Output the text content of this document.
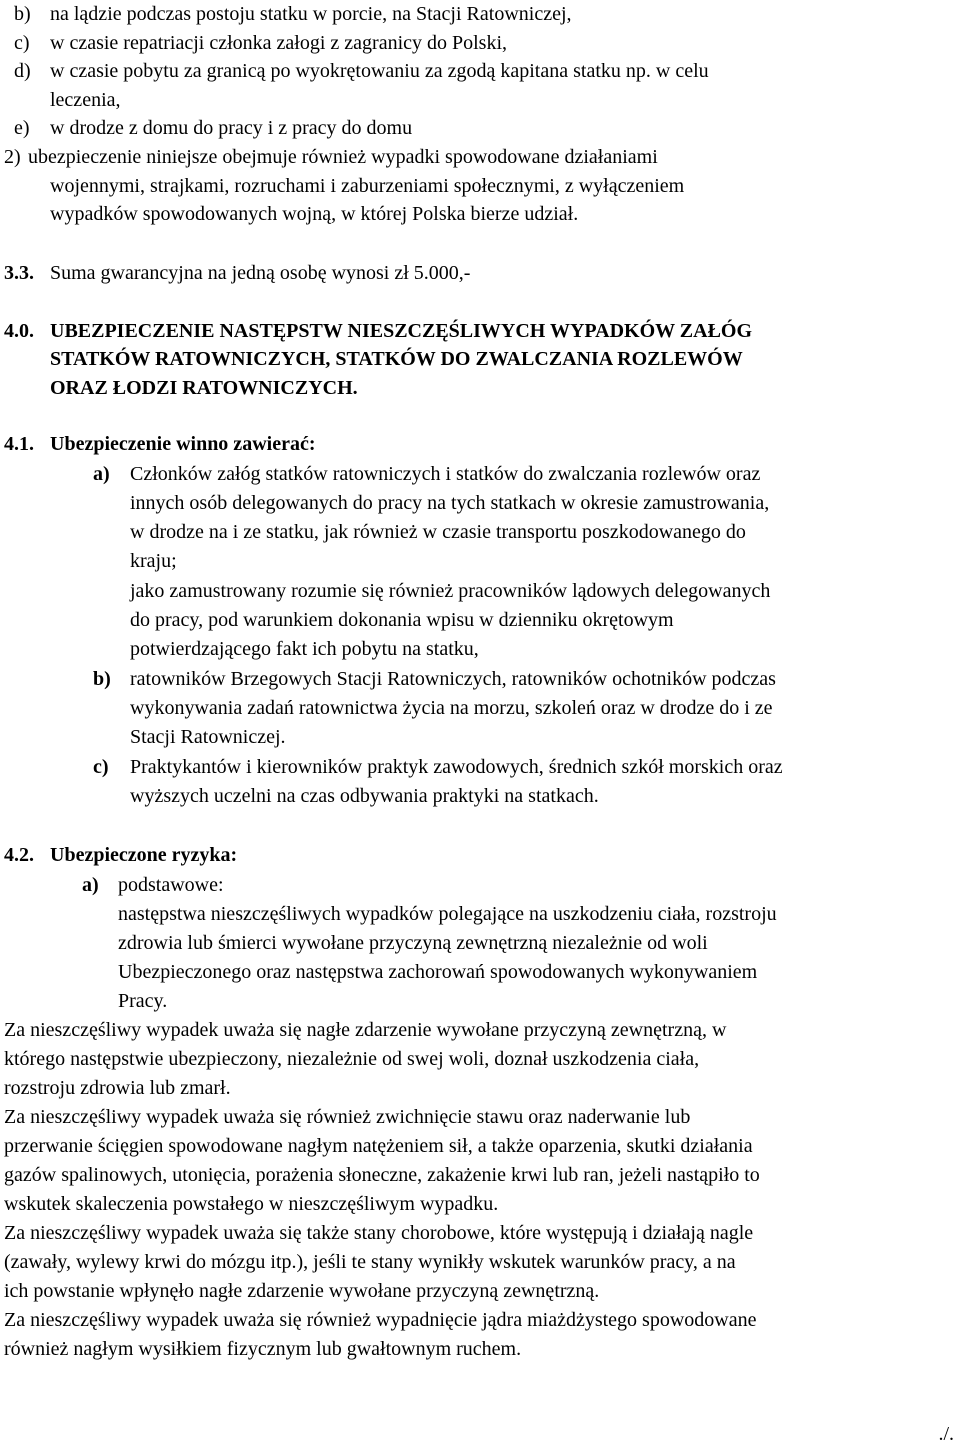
b) na lądzie podczas postoju statku w porcie, na Stacji Ratowniczej,
c) w czasie repatriacji członka załogi z zagranicy do Polski,
d) w czasie pobytu za granicą po wyokrętowaniu za zgodą kapitana statku np. w celu
leczenia,
e) w drodze z domu do pracy i z pracy do domu
2) ubezpieczenie niniejsze obejmuje również wypadki spowodowane działaniami
wojennymi, strajkami, rozruchami i zaburzeniami społecznymi, z wyłączeniem
wypadków spowodowanych wojną, w której Polska bierze udział.
3.3. Suma gwarancyjna na jedną osobę wynosi zł 5.000,-
4.0. UBEZPIECZENIE NASTĘPSTW NIESZCZĘŚLIWYCH WYPADKÓW ZAŁÓG
STATKÓW RATOWNICZYCH, STATKÓW DO ZWALCZANIA ROZLEWÓW
ORAZ ŁODZI RATOWNICZYCH.
4.1. Ubezpieczenie winno zawierać:
a) Członków załóg statków ratowniczych i statków do zwalczania rozlewów oraz
innych osób delegowanych do pracy na tych statkach w okresie zamustrowania,
w drodze na i ze statku, jak również w czasie transportu poszkodowanego do
kraju;
jako zamustrowany rozumie się również pracowników lądowych delegowanych
do pracy, pod warunkiem dokonania wpisu w dzienniku okrętowym
potwierdzającego fakt ich pobytu na statku,
b) ratowników Brzegowych Stacji Ratowniczych, ratowników ochotników podczas
wykonywania zadań ratownictwa życia na morzu, szkoleń oraz w drodze do i ze
Stacji Ratowniczej.
c) Praktykantów i kierowników praktyk zawodowych, średnich szkół morskich oraz
wyższych uczelni na czas odbywania praktyki na statkach.
4.2. Ubezpieczone ryzyka:
a) podstawowe:
następstwa nieszczęśliwych wypadków polegające na uszkodzeniu ciała, rozstroju
zdrowia lub śmierci wywołane przyczyną zewnętrzną niezależnie od woli
Ubezpieczonego oraz następstwa zachorowań spowodowanych wykonywaniem
Pracy.
Za nieszczęśliwy wypadek uważa się nagłe zdarzenie wywołane przyczyną zewnętrzną, w
którego następstwie ubezpieczony, niezależnie od swej woli, doznał uszkodzenia ciała,
rozstroju zdrowia lub zmarł.
Za nieszczęśliwy wypadek uważa się również zwichnięcie stawu oraz naderwanie lub
przerwanie ścięgien spowodowane nagłym natężeniem sił, a także oparzenia, skutki działania
gazów spalinowych, utonięcia, porażenia słoneczne, zakażenie krwi lub ran, jeżeli nastąpiło to
wskutek skaleczenia powstałego w nieszczęśliwym wypadku.
Za nieszczęśliwy wypadek uważa się także stany chorobowe, które występują i działają nagle
(zawały, wylewy krwi do mózgu itp.), jeśli te stany wynikły wskutek warunków pracy, a na
ich powstanie wpłynęło nagłe zdarzenie wywołane przyczyną zewnętrzną.
Za nieszczęśliwy wypadek uważa się również wypadnięcie jądra miażdżystego spowodowane
również nagłym wysiłkiem fizycznym lub gwałtownym ruchem.
./.
